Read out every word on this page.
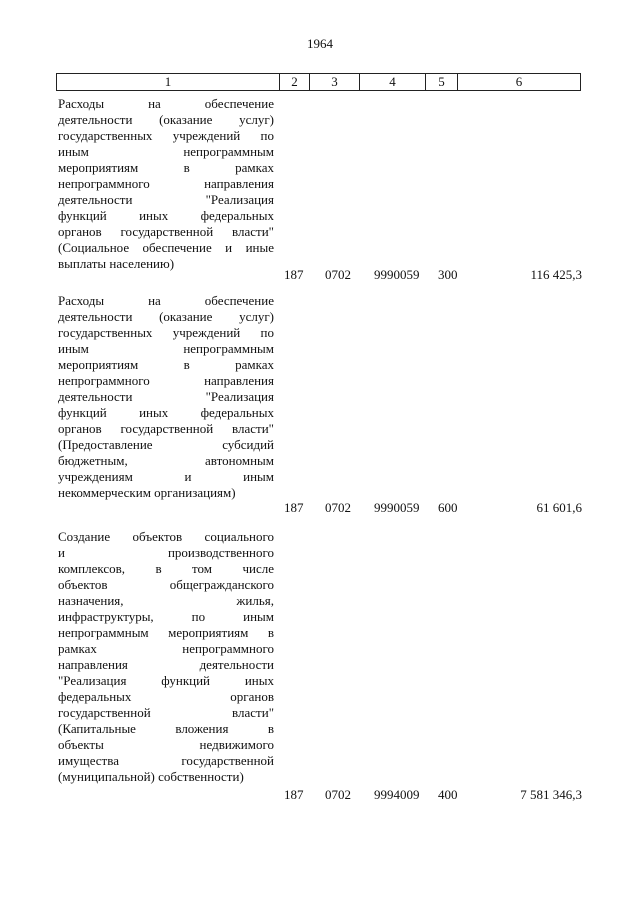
1964
1	2	3	4	5	6
Расходы на обеспечение
деятельности (оказание услуг)
государственных учреждений по
иным непрограммным
мероприятиям в рамках
непрограммного направления
деятельности "Реализация
функций иных федеральных
органов государственной власти"
(Социальное обеспечение и иные
выплаты населению)
187 0702 9990059 300	116 425,3
Расходы на обеспечение
деятельности (оказание услуг)
государственных учреждений по
иным непрограммным
мероприятиям в рамках
непрограммного направления
деятельности "Реализация
функций иных федеральных
органов государственной власти"
(Предоставление субсидий
бюджетным, автономным
учреждениям и иным
некоммерческим организациям)
187 0702 9990059 600	61 601,6
Создание объектов социального
и производственного
комплексов, в том числе
объектов общегражданского
назначения, жилья,
инфраструктуры, по иным
непрограммным мероприятиям в
рамках непрограммного
направления деятельности
"Реализация функций иных
федеральных органов
государственной власти"
(Капитальные вложения в
объекты недвижимого
имущества государственной
(муниципальной) собственности)
187 0702 9994009 400	7 581 346,3
